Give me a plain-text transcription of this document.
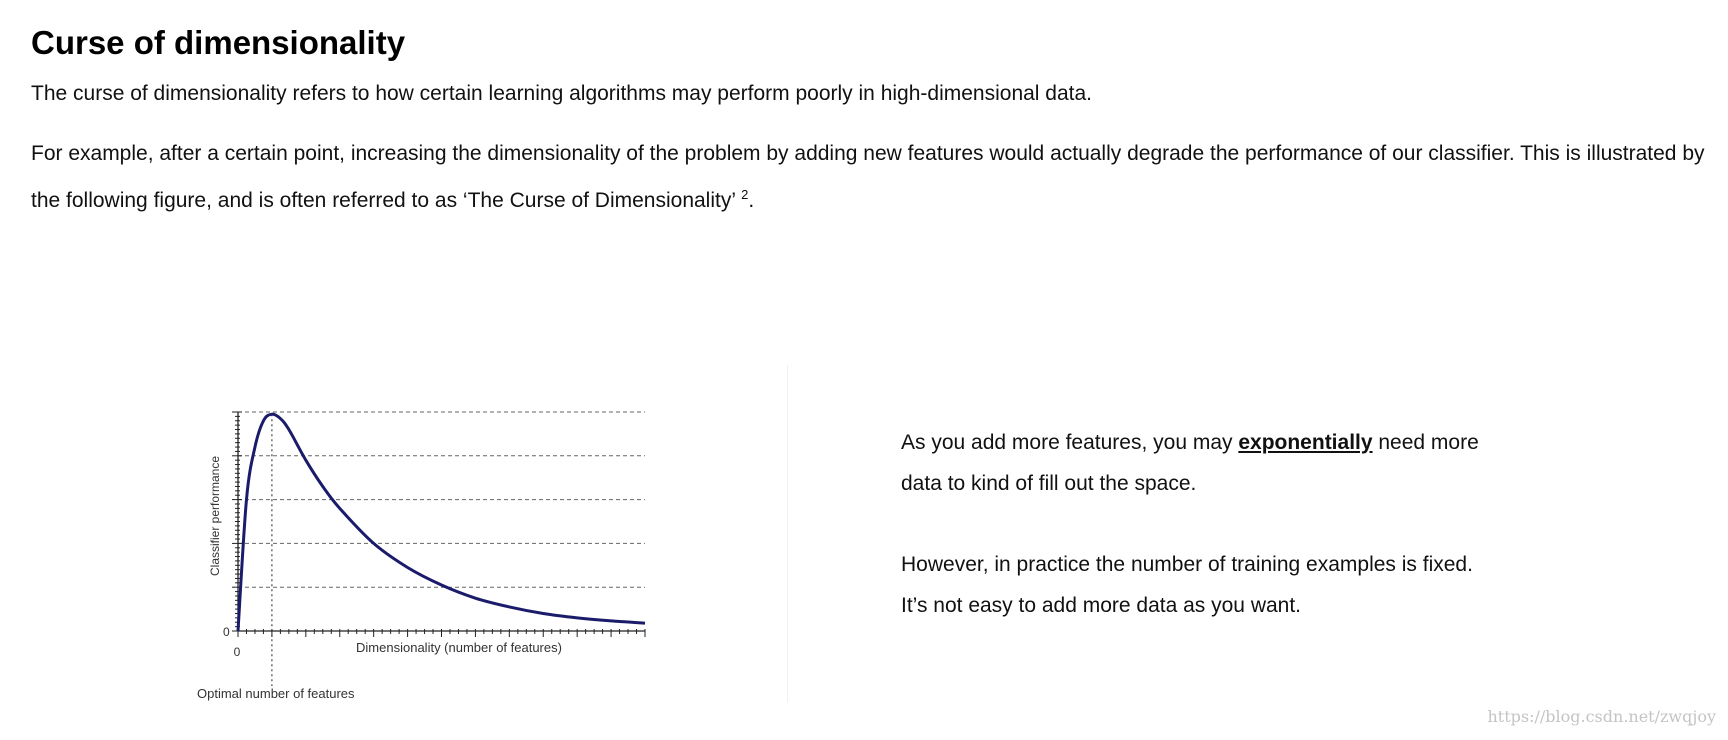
Curse of dimensionality

The curse of dimensionality refers to how certain learning algorithms may perform poorly in high-dimensional data.

For example, after a certain point, increasing the dimensionality of the problem by adding new features would actually degrade the performance of our classifier. This is illustrated by the following figure, and is often referred to as ‘The Curse of Dimensionality’ $^2$.

0
0	Dimensionality (number of features)
Classifier performance
Optimal number of features

As you add more features, you may exponentially need more
data to kind of fill out the space.

However, in practice the number of training examples is fixed.
It’s not easy to add more data as you want.

https://blog.csdn.net/zwqjoy
